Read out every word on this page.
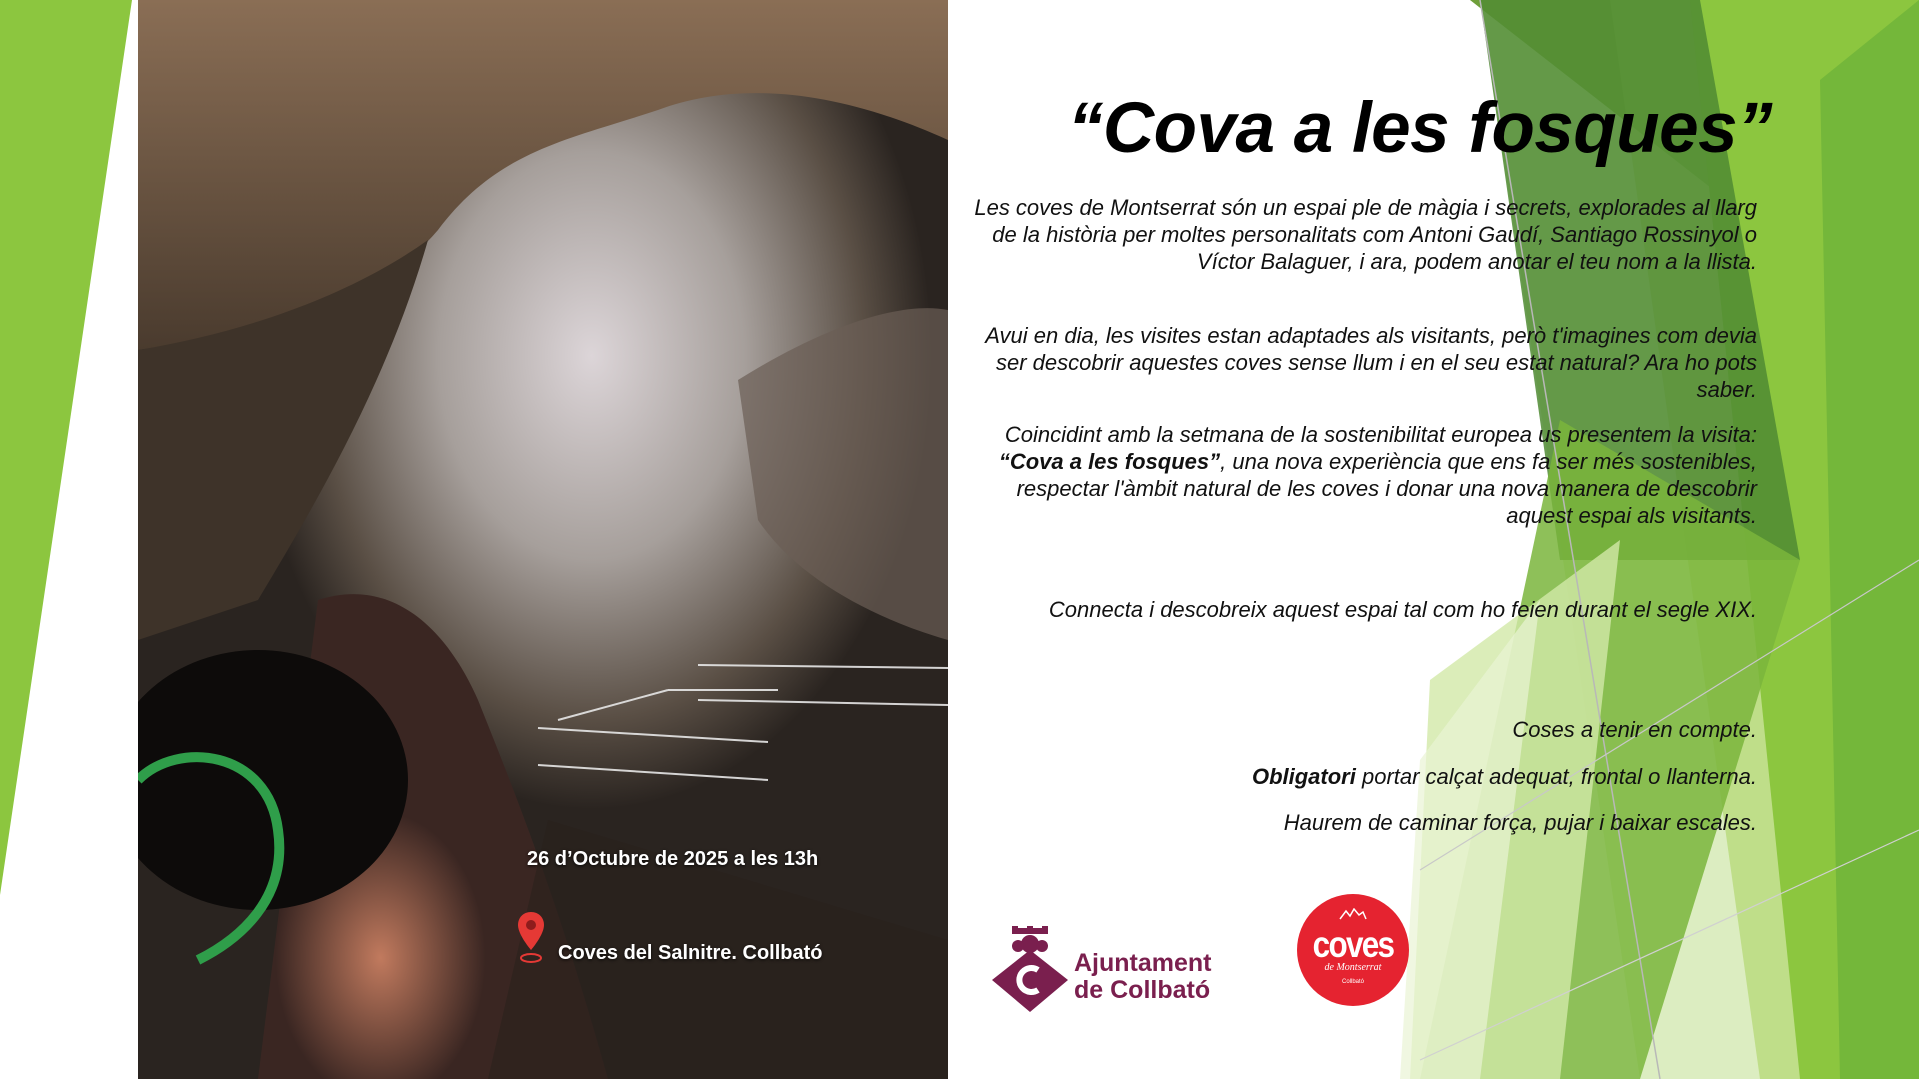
26 d’Octubre de 2025 a les 13h
Coves del Salnitre. Collbató
“Cova a les fosques”
Les coves de Montserrat són un espai ple de màgia i secrets, explorades al llarg de la història per moltes personalitats com Antoni Gaudí, Santiago Rossinyol o Víctor Balaguer, i ara, podem anotar el teu nom a la llista.
Avui en dia, les visites estan adaptades als visitants, però t'imagines com devia ser descobrir aquestes coves sense llum i en el seu estat natural? Ara ho pots saber.
Coincidint amb la setmana de la sostenibilitat europea us presentem la visita: “Cova a les fosques”, una nova experiència que ens fa ser més sostenibles, respectar l'àmbit natural de les coves i donar una nova manera de descobrir aquest espai als visitants.
Connecta i descobreix aquest espai tal com ho feien durant el segle XIX.
Coses a tenir en compte.
Obligatori portar calçat adequat, frontal o llanterna.
Haurem de caminar força, pujar i baixar escales.
Ajuntament
de Collbató
coves
de Montserrat
Collbató
